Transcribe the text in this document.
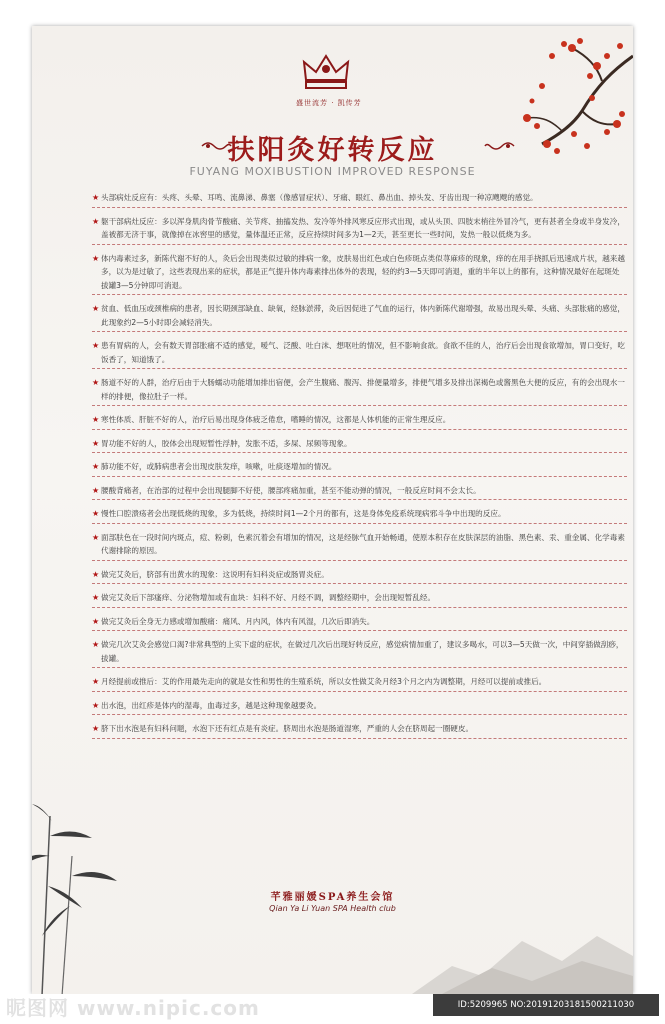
盛世流芳 · 凯传芳
扶阳灸好转反应
FUYANG MOXIBUSTION IMPROVED RESPONSE
★ 头部病灶反应有：头疼、头晕、耳鸣、流鼻涕、鼻塞（像感冒症状）、牙痛、眼红、鼻出血、掉头发、牙齿出现一种凉飕飕的感觉。
★ 躯干部病灶反应：多以浑身肌肉骨节酸痛、关节疼、抽搐发热、发冷等外排风寒反应形式出现，或从头顶、四肢末梢往外冒冷气，更有甚者全身或半身发冷，盖被都无济于事，就像掉在冰窖里的感觉，量体温还正常，反应持续时间多为1—2天，甚至更长一些时间，发热一般以低烧为多。
★ 体内毒素过多，新陈代谢不好的人，灸后会出现类似过敏的排病一象，皮肤易出红色或白色疹斑点类似荨麻疹的现象，痒的在用手挠抓后迅速成片状，越来越多，以为是过敏了，这些表现出来的症状，都是正气提升体内毒素排出体外的表现，轻的约3—5天即可消退，重的半年以上的都有，这种情况最好在起斑处拔罐3—5分钟即可消退。
★ 贫血、低血压或颈椎病的患者，因长期颈部缺血、缺氧，经脉淤滞，灸后因促进了气血的运行，体内新陈代谢增强，故易出现头晕、头痛、头部胀痛的感觉，此现象约2—5小时即会减轻消失。
★ 患有胃病的人，会有数天胃部胀痛不适的感觉，嗳气、泛酸、吐白沫、想呕吐的情况，但不影响食欲。食欲不佳的人，治疗后会出现食欲增加，胃口变好，吃饭香了，知道饿了。
★ 肠道不好的人群，治疗后由于大肠蠕动功能增加排出宿便，会产生腹痛、腹泻、排便量增多，排便气增多及排出深褐色或酱黑色大便的反应，有的会出现水一样的排便，像拉肚子一样。
★ 寒性体质、肝脏不好的人，治疗后易出现身体疲乏倦怠，嗜睡的情况，这都是人体机能的正常生理反应。
★ 胃功能不好的人，胶体会出现短暂性浮肿，发胀不适，多屎、尿频等现象。
★ 肺功能不好，或肺病患者会出现皮肤发痒，咳嗽，吐痰逐增加的情况。
★ 腰酸背痛者，在治部的过程中会出现腿脚不好使，腰部疼痛加重，甚至不能动弹的情况，一般反应时间不会太长。
★ 慢性口腔溃疡者会出现低烧的现象，多为低烧，持续时间1—2个月的都有，这是身体免疫系统现病邪斗争中出现的反应。
★ 面部肤色在一段时间内斑点，痘、粉刺，色素沉着会有增加的情况，这是经脉气血开始畅通，使原本积存在皮肤深层的油脂、黑色素、汞、重金属、化学毒素代谢排除的原因。
★ 做完艾灸后，脐部有出黄水的现象：这说明有妇科炎症或肠胃炎症。
★ 做完艾灸后下部瘙痒、分泌物增加或有血块：妇科不好、月经不调，调整经期中，会出现短暂乱经。
★ 做完艾灸后全身无力感或增加酸痛：痛风、月内风，体内有风湿，几次后即消失。
★ 做完几次艾灸会感觉口渴?非常典型的上实下虚的症状，在做过几次后出现好转反应，感觉病情加重了，建议多喝水，可以3—5天做一次，中间穿插做刮痧，拔罐。
★ 月经提前或推后：艾的作用最先走向的就是女性和男性的生殖系统，所以女性做艾灸月经3个月之内为调整期，月经可以提前或推后。
★ 出水泡，出红疹是体内的湿毒，血毒过多，越是这种现象越要灸。
★ 脐下出水泡是有妇科问题，水泡下还有红点是有炎症。脐周出水泡是肠道湿寒，严重的人会在脐周起一圈硬皮。
芊雅丽媛SPA养生会馆
Qian Ya Li Yuan SPA Health club
昵图网 www.nipic.com	ID:5209965 NO:20191203181500211030
